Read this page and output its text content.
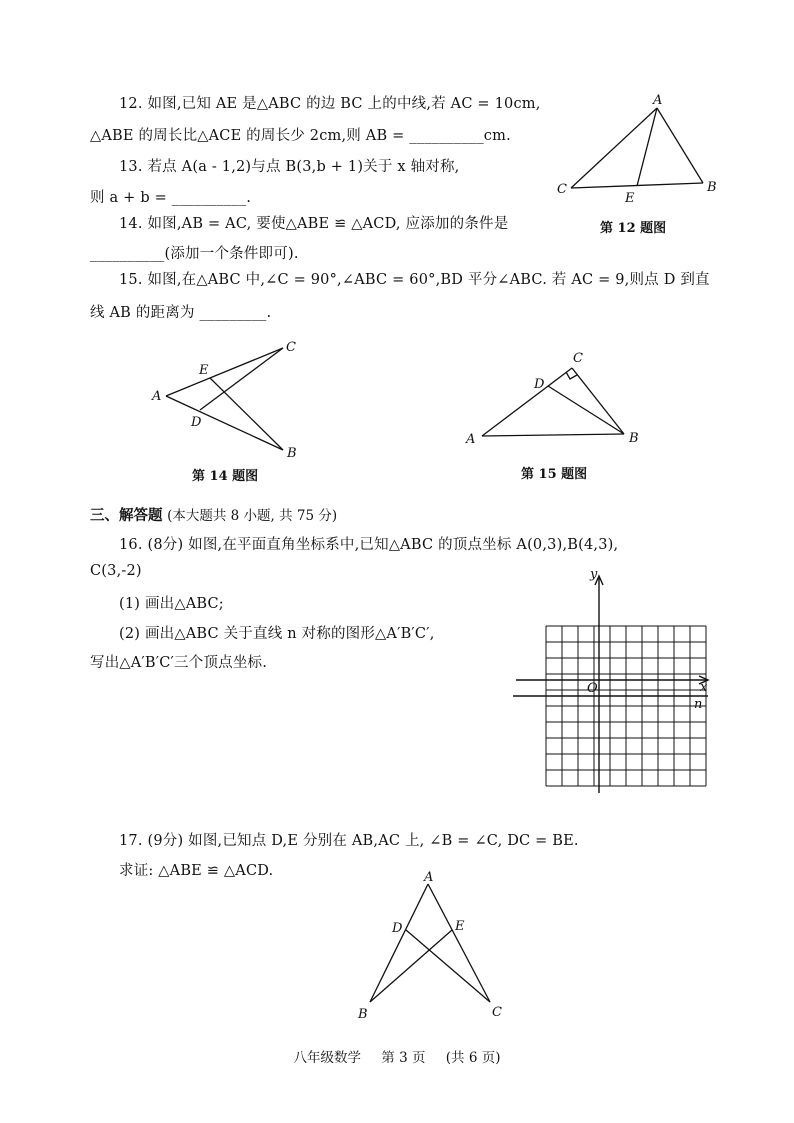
12. 如图,已知 AE 是△ABC 的边 BC 上的中线,若 AC = 10cm,
△ABE 的周长比△ACE 的周长少 2cm,则 AB = __________cm.
A
B
C
E
第 12 题图
13. 若点 A(a - 1,2)与点 B(3,b + 1)关于 x 轴对称,
则 a + b = __________.
14. 如图,AB = AC, 要使△ABE ≌ △ACD, 应添加的条件是
__________(添加一个条件即可).
15. 如图,在△ABC 中,∠C = 90°,∠ABC = 60°,BD 平分∠ABC. 若 AC = 9,则点 D 到直
线 AB 的距离为 _________.
A
C
B
E
D
第 14 题图
A
C
B
D
第 15 题图
三、解答题 (本大题共 8 小题, 共 75 分)
16. (8分) 如图,在平面直角坐标系中,已知△ABC 的顶点坐标 A(0,3),B(4,3),
C(3,-2)
(1) 画出△ABC;
(2) 画出△ABC 关于直线 n 对称的图形△A′B′C′,
写出△A′B′C′三个顶点坐标.
y
x
O
n
17. (9分) 如图,已知点 D,E 分别在 AB,AC 上, ∠B = ∠C, DC = BE.
求证: △ABE ≌ △ACD.	A
D	E
B	C
八年级数学 第 3 页 (共 6 页)
